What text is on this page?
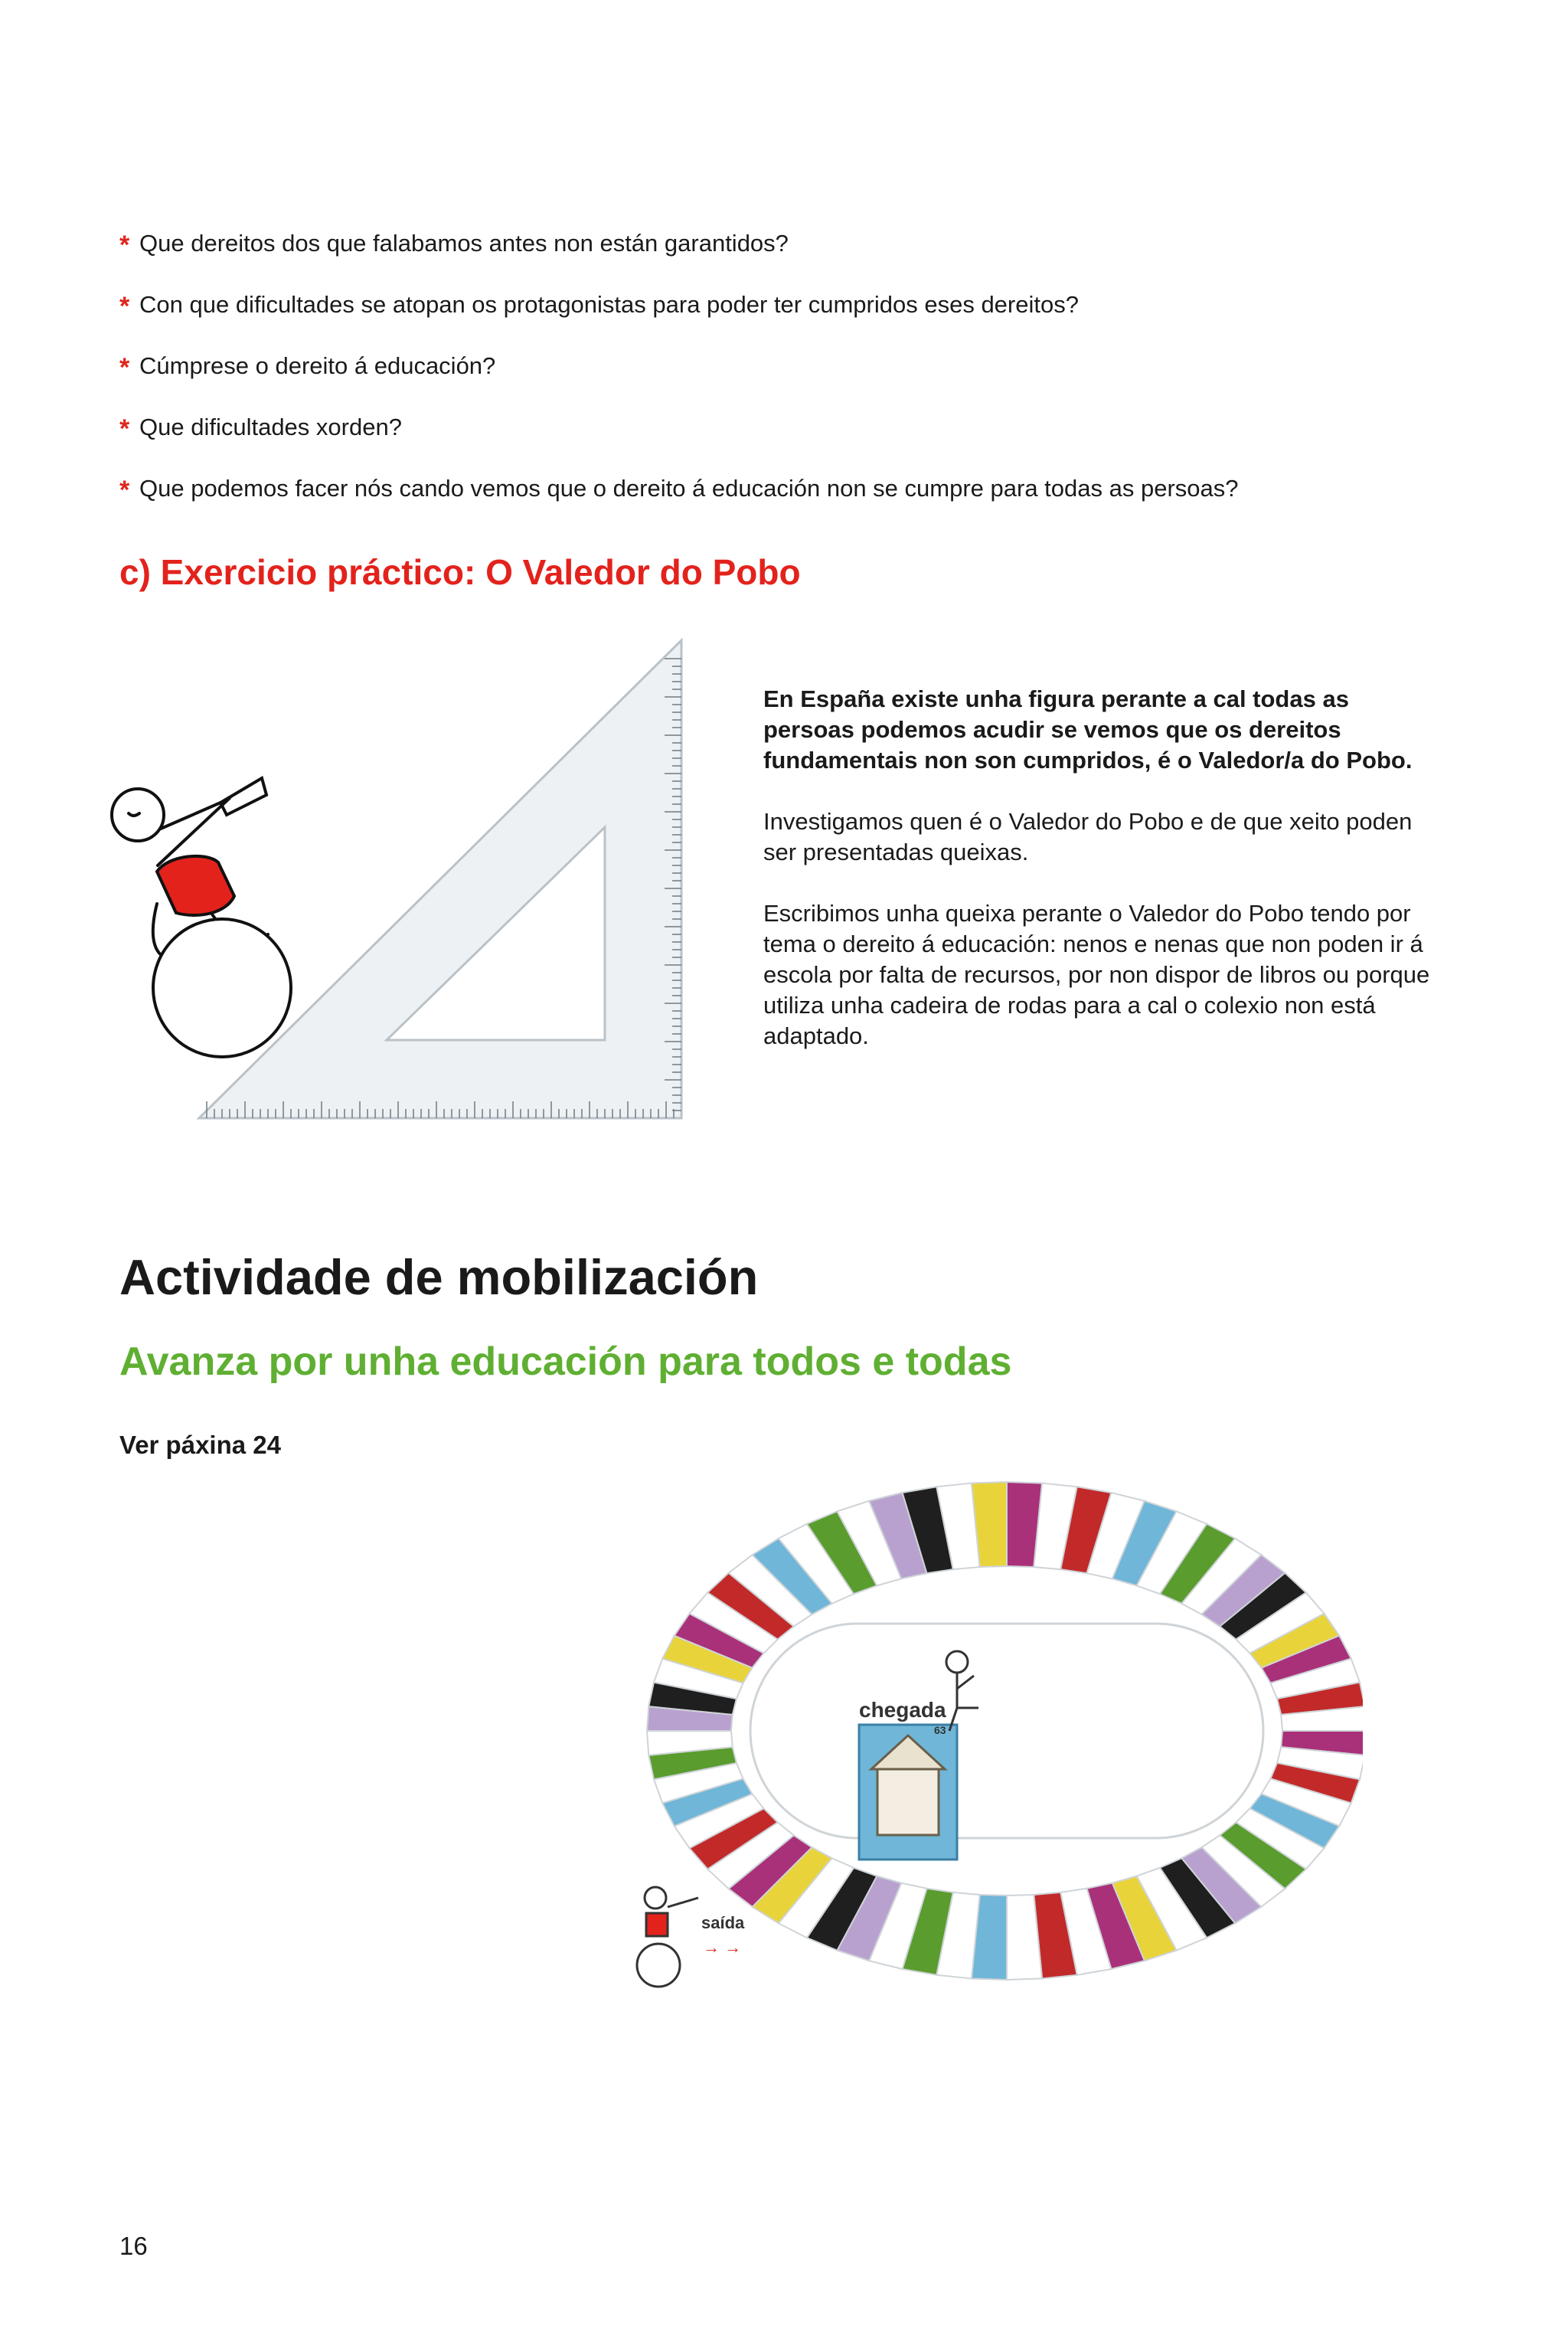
* Que dereitos dos que falabamos antes non están garantidos?
* Con que dificultades se atopan os protagonistas para poder ter cumpridos eses dereitos?
* Cúmprese o dereito á educación?
* Que dificultades xorden?
* Que podemos facer nós cando vemos que o dereito á educación non se cumpre para todas as persoas?
c) Exercicio práctico: O Valedor do Pobo

En España existe unha figura perante a cal todas as persoas podemos acudir se vemos que os dereitos fundamentais non son cumpridos, é o Valedor/a do Pobo.

Investigamos quen é o Valedor do Pobo e de que xeito poden ser presentadas queixas.

Escribimos unha queixa perante o Valedor do Pobo tendo por tema o dereito á educación: nenos e nenas que non poden ir á escola por falta de recursos, por non dispor de libros ou porque utiliza unha cadeira de rodas para a cal o colexio non está adaptado.

Actividade de mobilización
Avanza por unha educación para todos e todas
Ver páxina 24
chegada
63
saída
→ →
16
